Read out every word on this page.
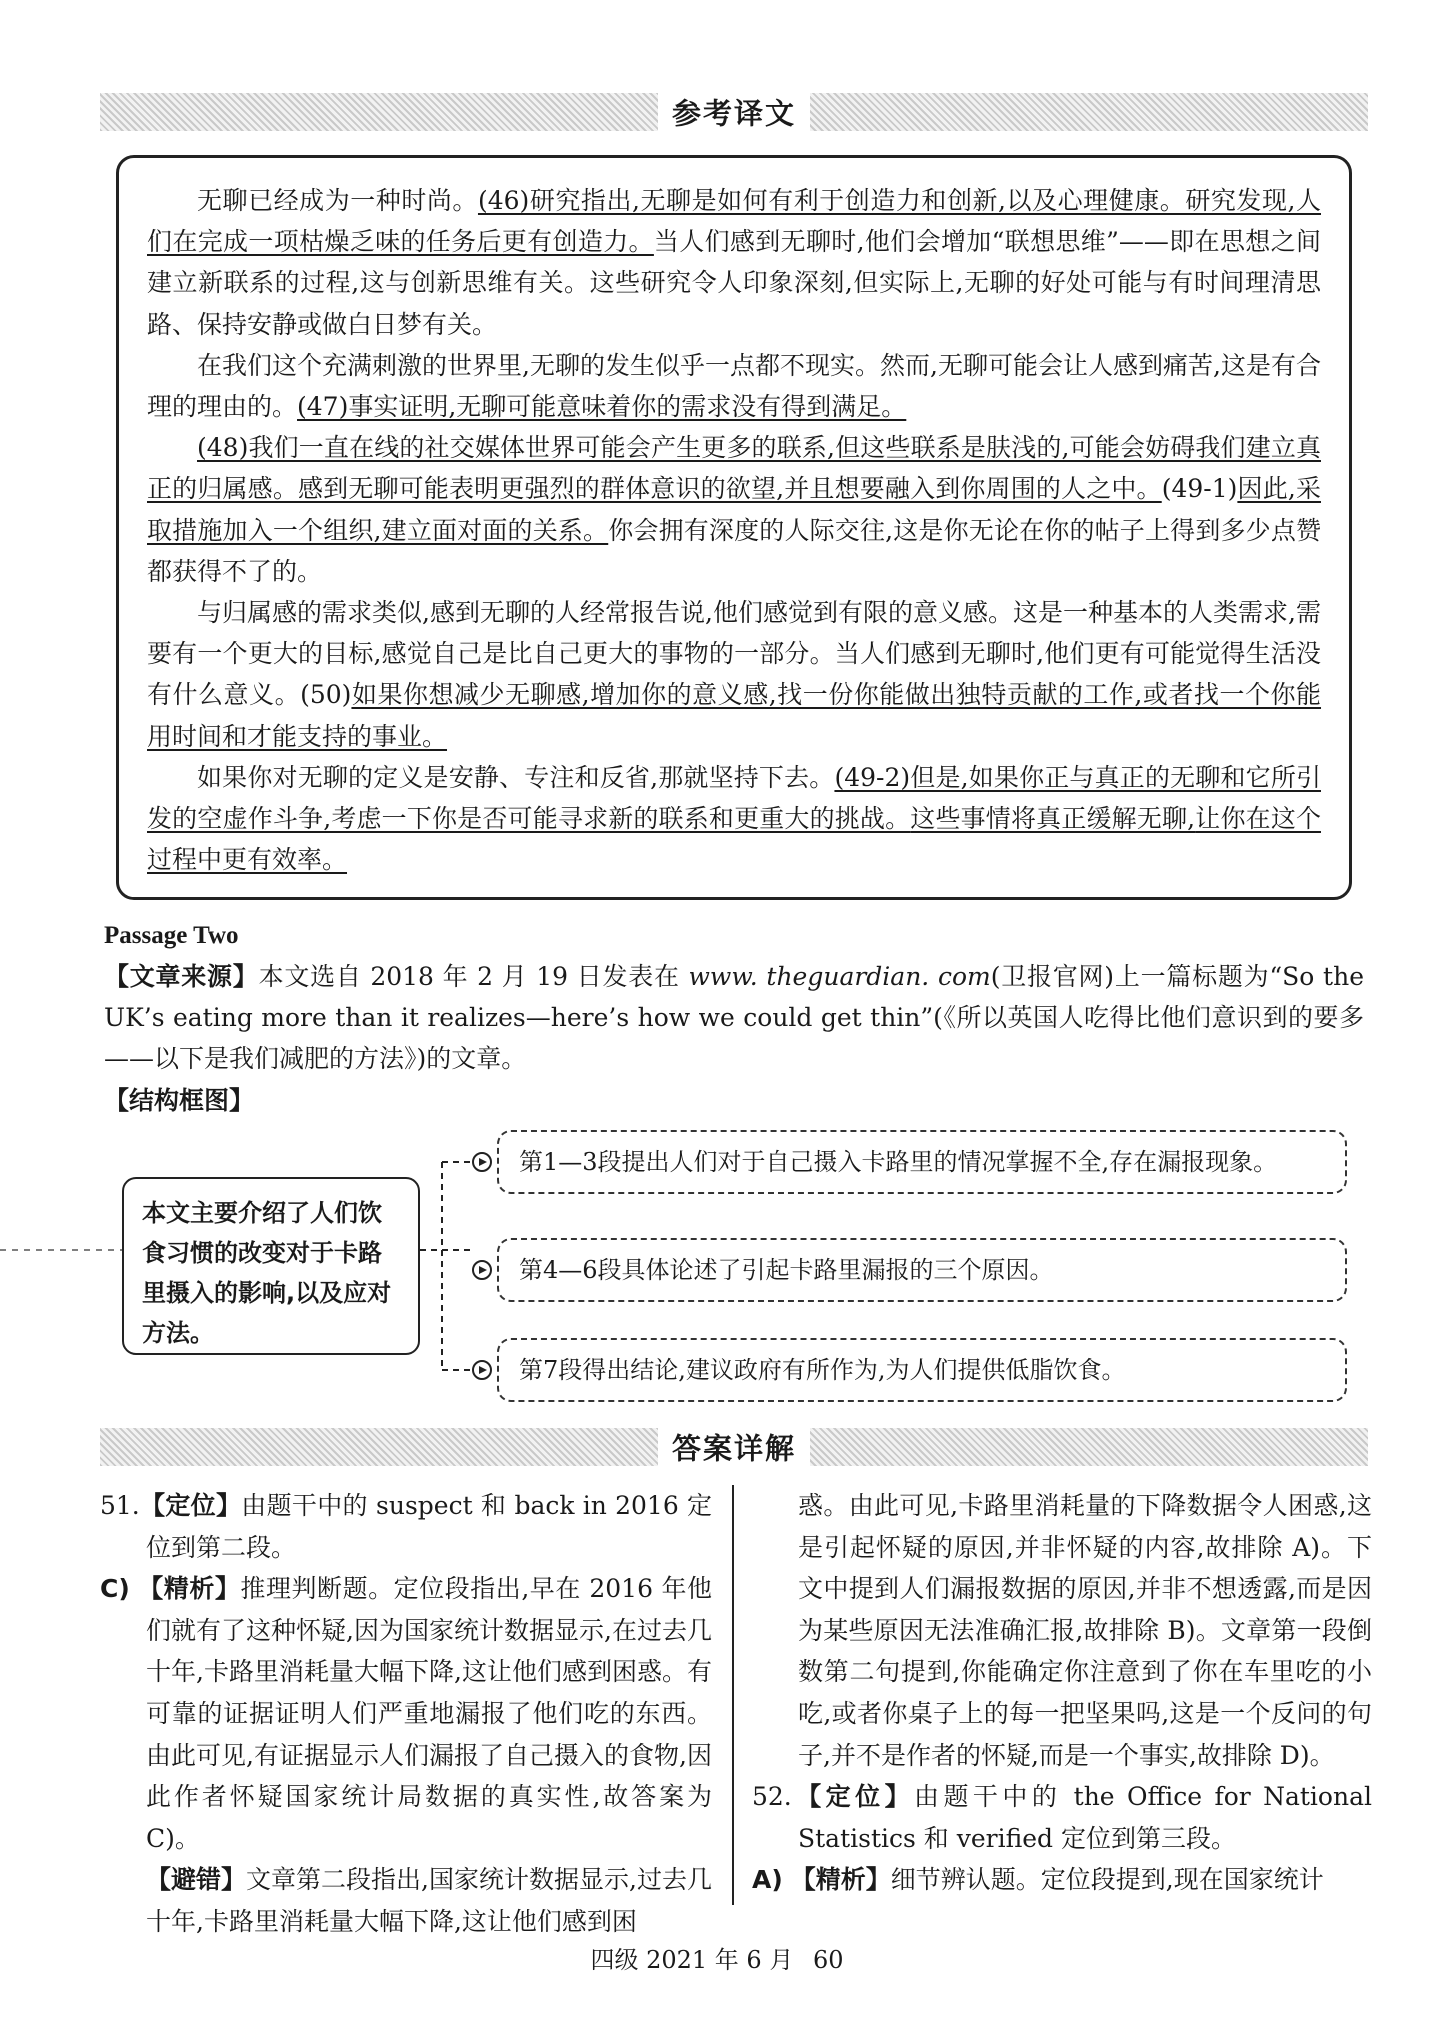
参考译文

无聊已经成为一种时尚。(46)研究指出,无聊是如何有利于创造力和创新,以及心理健康。研究发现,人们在完成一项枯燥乏味的任务后更有创造力。当人们感到无聊时,他们会增加“联想思维”——即在思想之间建立新联系的过程,这与创新思维有关。这些研究令人印象深刻,但实际上,无聊的好处可能与有时间理清思路、保持安静或做白日梦有关。

在我们这个充满刺激的世界里,无聊的发生似乎一点都不现实。然而,无聊可能会让人感到痛苦,这是有合理的理由的。(47)事实证明,无聊可能意味着你的需求没有得到满足。

(48)我们一直在线的社交媒体世界可能会产生更多的联系,但这些联系是肤浅的,可能会妨碍我们建立真正的归属感。感到无聊可能表明更强烈的群体意识的欲望,并且想要融入到你周围的人之中。(49-1)因此,采取措施加入一个组织,建立面对面的关系。你会拥有深度的人际交往,这是你无论在你的帖子上得到多少点赞都获得不了的。

与归属感的需求类似,感到无聊的人经常报告说,他们感觉到有限的意义感。这是一种基本的人类需求,需要有一个更大的目标,感觉自己是比自己更大的事物的一部分。当人们感到无聊时,他们更有可能觉得生活没有什么意义。(50)如果你想减少无聊感,增加你的意义感,找一份你能做出独特贡献的工作,或者找一个你能用时间和才能支持的事业。

如果你对无聊的定义是安静、专注和反省,那就坚持下去。(49-2)但是,如果你正与真正的无聊和它所引发的空虚作斗争,考虑一下你是否可能寻求新的联系和更重大的挑战。这些事情将真正缓解无聊,让你在这个过程中更有效率。

Passage Two
【文章来源】本文选自 2018 年 2 月 19 日发表在 www. theguardian. com(卫报官网)上一篇标题为“So the UK’s eating more than it realizes—here’s how we could get thin”(《所以英国人吃得比他们意识到的要多——以下是我们减肥的方法》)的文章。
【结构框图】
本文主要介绍了人们饮食习惯的改变对于卡路里摄入的影响,以及应对方法。
第1—3段提出人们对于自己摄入卡路里的情况掌握不全,存在漏报现象。
第4—6段具体论述了引起卡路里漏报的三个原因。
第7段得出结论,建议政府有所作为,为人们提供低脂饮食。
答案详解

51.【定位】由题干中的 suspect 和 back in 2016 定位到第二段。

C) 【精析】推理判断题。定位段指出,早在 2016 年他们就有了这种怀疑,因为国家统计数据显示,在过去几十年,卡路里消耗量大幅下降,这让他们感到困惑。有可靠的证据证明人们严重地漏报了他们吃的东西。由此可见,有证据显示人们漏报了自己摄入的食物,因此作者怀疑国家统计局数据的真实性,故答案为 C)。

【避错】文章第二段指出,国家统计数据显示,过去几十年,卡路里消耗量大幅下降,这让他们感到困

惑。由此可见,卡路里消耗量的下降数据令人困惑,这是引起怀疑的原因,并非怀疑的内容,故排除 A)。下文中提到人们漏报数据的原因,并非不想透露,而是因为某些原因无法准确汇报,故排除 B)。文章第一段倒数第二句提到,你能确定你注意到了你在车里吃的小吃,或者你桌子上的每一把坚果吗,这是一个反问的句子,并不是作者的怀疑,而是一个事实,故排除 D)。

52.【定位】由题干中的 the Office for National Statistics 和 verified 定位到第三段。

A) 【精析】细节辨认题。定位段提到,现在国家统计

四级 2021 年 6 月 60
